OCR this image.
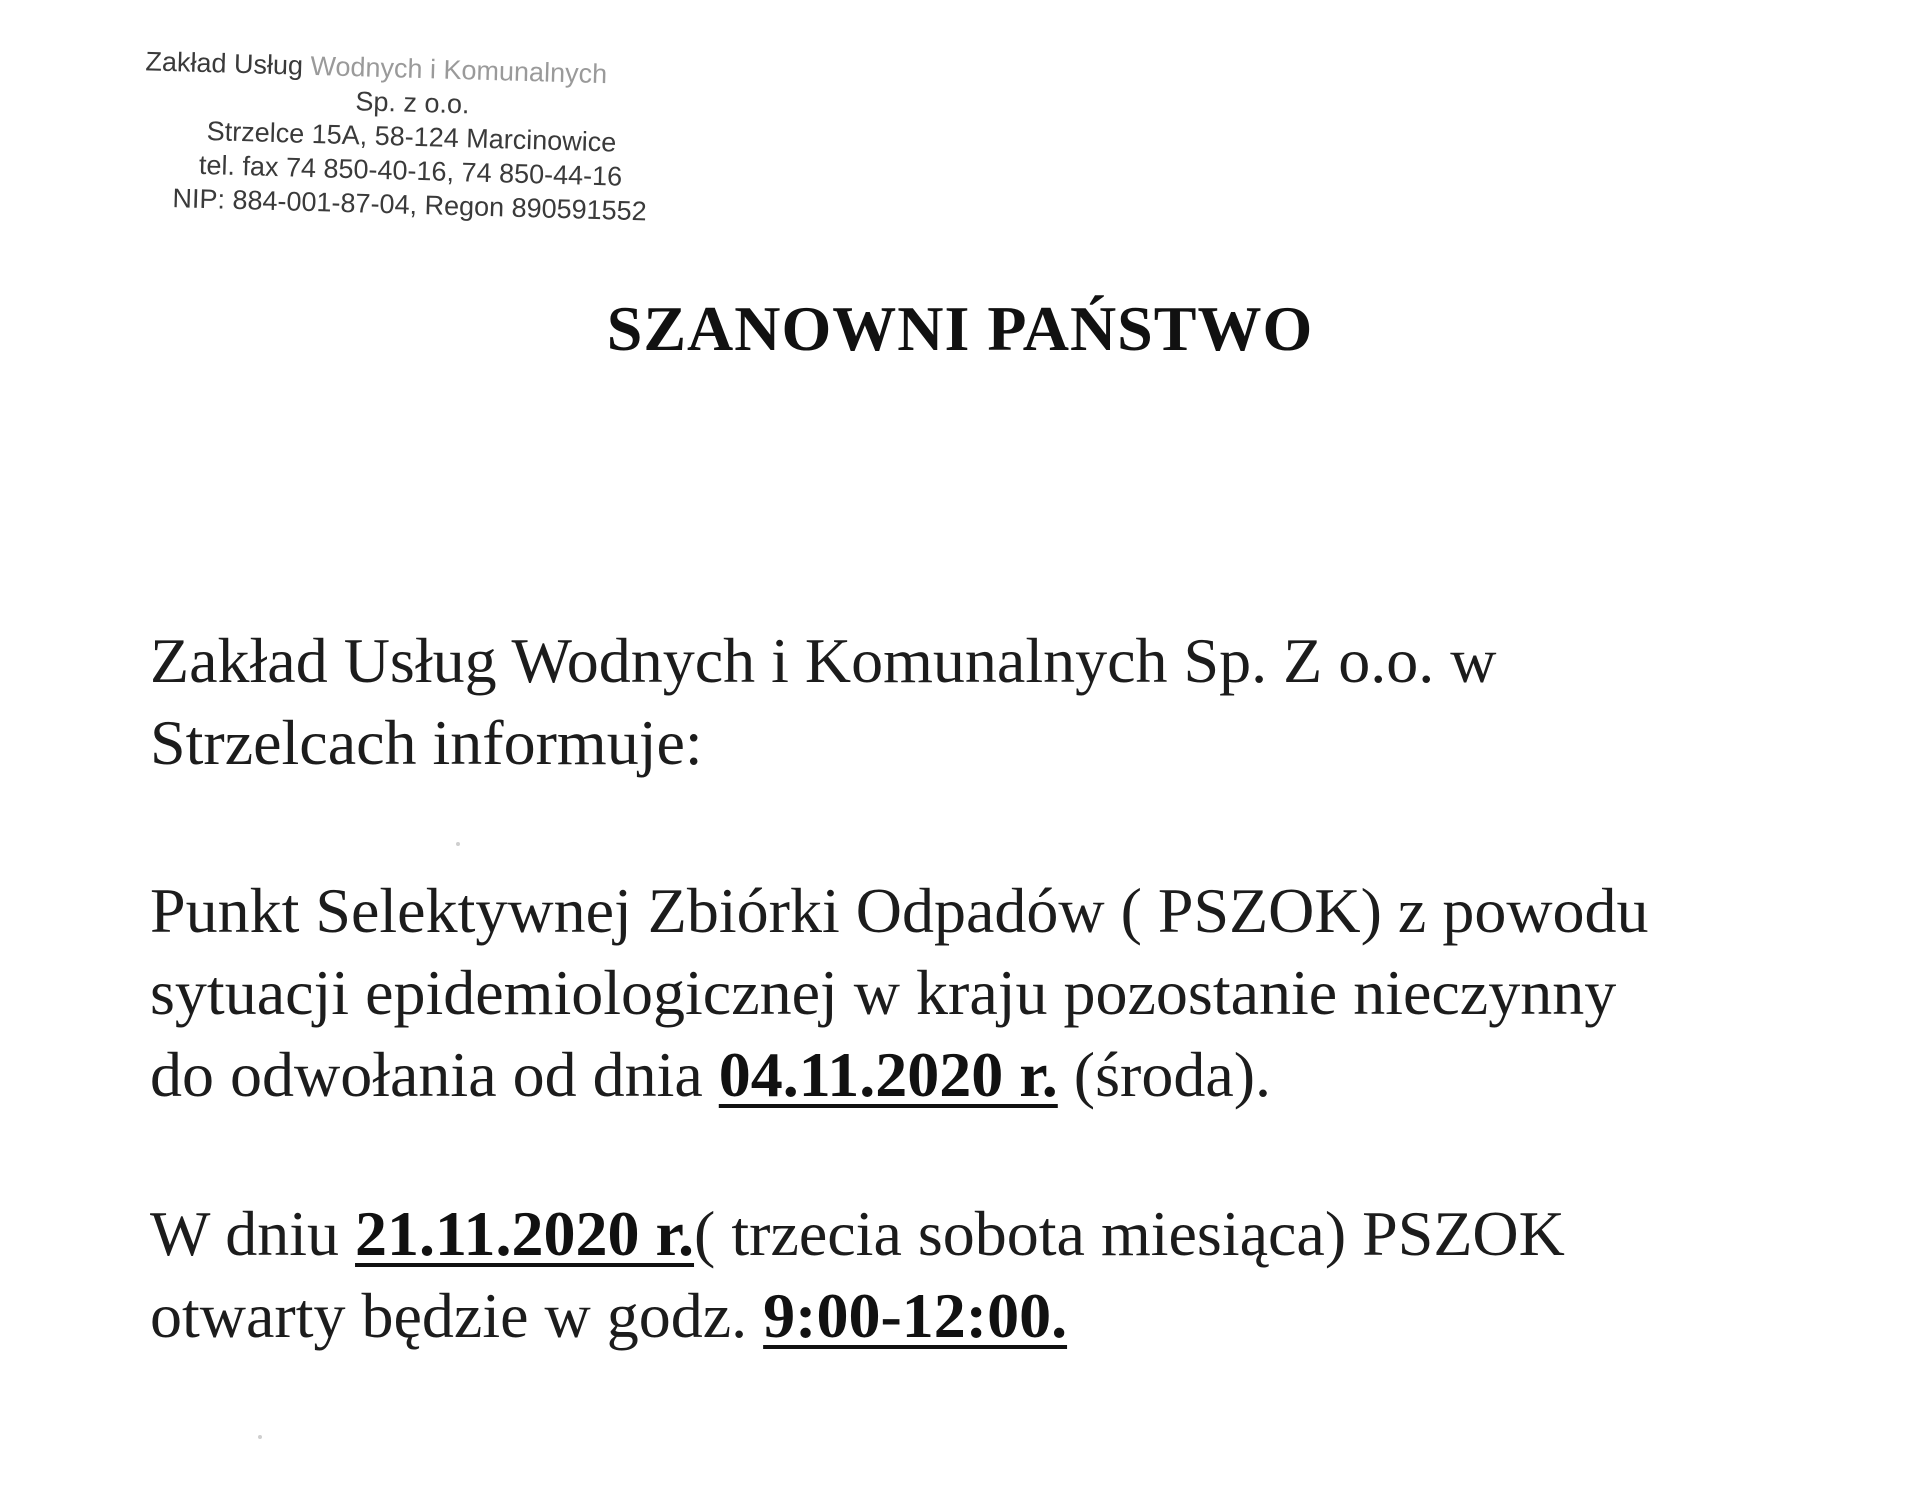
Zakład Usług Wodnych i Komunalnych
Sp. z o.o.
Strzelce 15A, 58-124 Marcinowice
tel. fax 74 850-40-16, 74 850-44-16
NIP: 884-001-87-04, Regon 890591552
SZANOWNI PAŃSTWO

Zakład Usług Wodnych i Komunalnych Sp. Z o.o. w
Strzelcach informuje:

Punkt Selektywnej Zbiórki Odpadów ( PSZOK) z powodu
sytuacji epidemiologicznej w kraju pozostanie nieczynny
do odwołania od dnia 04.11.2020 r. (środa).

W dniu 21.11.2020 r.( trzecia sobota miesiąca) PSZOK
otwarty będzie w godz. 9:00-12:00.
